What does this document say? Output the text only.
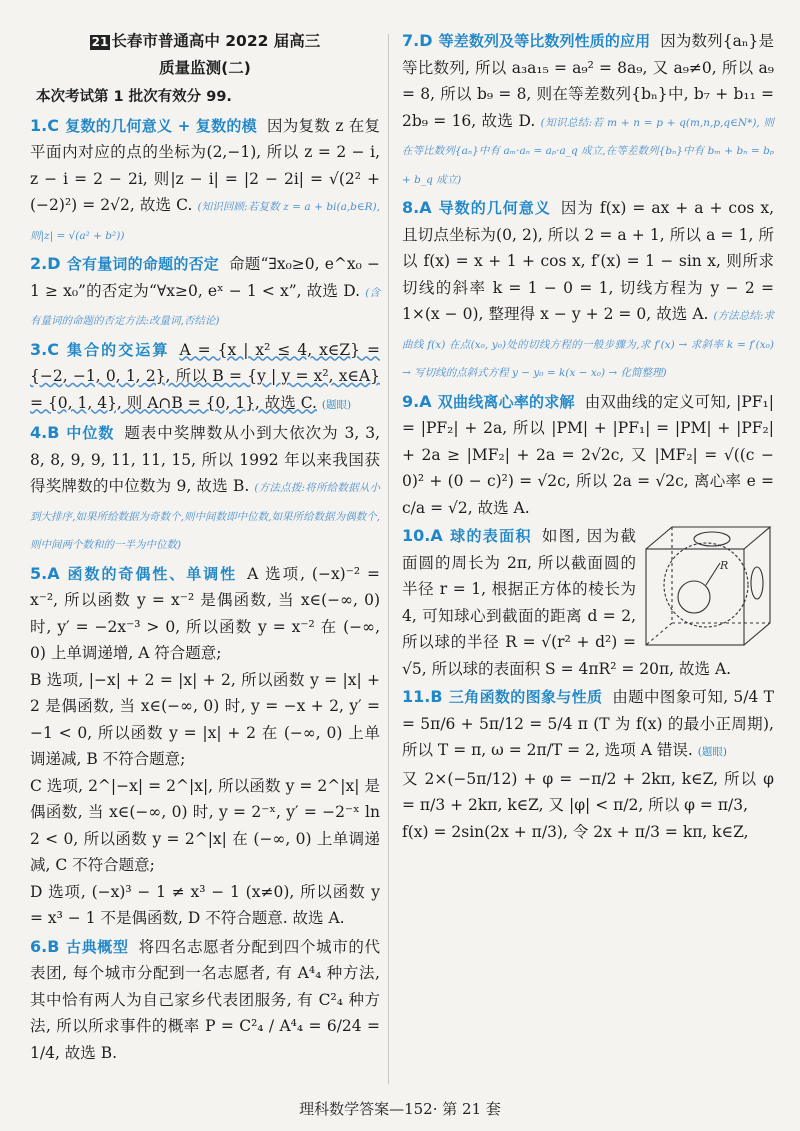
21 长春市普通高中 2022 届高三
质量监测(二)
本次考试第 1 批次有效分 99.
1.C 复数的几何意义 + 复数的模 因为复数 z 在复平面内对应的点的坐标为(2,−1), 所以 z = 2 − i, z − i = 2 − 2i, 则|z − i| = |2 − 2i| = √(2² + (−2)²) = 2√2, 故选 C. (知识回顾:若复数 z = a + bi(a,b∈R), 则|z| = √(a² + b²))
2.D 含有量词的命题的否定 命题“∃x₀≥0, e^x₀ − 1 ≥ x₀”的否定为“∀x≥0, eˣ − 1 < x”, 故选 D. (含有量词的命题的否定方法:改量词,否结论)
3.C 集合的交运算 A = {x | x² ≤ 4, x∈Z} = {−2, −1, 0, 1, 2}, 所以 B = {y | y = x², x∈A} = {0, 1, 4}, 则 A∩B = {0, 1}, 故选 C. (题眼)
4.B 中位数 题表中奖牌数从小到大依次为 3, 3, 8, 8, 9, 9, 11, 11, 15, 所以 1992 年以来我国获得奖牌数的中位数为 9, 故选 B. (方法点拨:将所给数据从小到大排序,如果所给数据为奇数个,则中间数即中位数,如果所给数据为偶数个,则中间两个数和的一半为中位数)
5.A 函数的奇偶性、单调性 A 选项, (−x)⁻² = x⁻², 所以函数 y = x⁻² 是偶函数, 当 x∈(−∞, 0) 时, y′ = −2x⁻³ > 0, 所以函数 y = x⁻² 在 (−∞, 0) 上单调递增, A 符合题意;
B 选项, |−x| + 2 = |x| + 2, 所以函数 y = |x| + 2 是偶函数, 当 x∈(−∞, 0) 时, y = −x + 2, y′ = −1 < 0, 所以函数 y = |x| + 2 在 (−∞, 0) 上单调递减, B 不符合题意;
C 选项, 2^|−x| = 2^|x|, 所以函数 y = 2^|x| 是偶函数, 当 x∈(−∞, 0) 时, y = 2⁻ˣ, y′ = −2⁻ˣ ln 2 < 0, 所以函数 y = 2^|x| 在 (−∞, 0) 上单调递减, C 不符合题意;
D 选项, (−x)³ − 1 ≠ x³ − 1 (x≠0), 所以函数 y = x³ − 1 不是偶函数, D 不符合题意. 故选 A.
6.B 古典概型 将四名志愿者分配到四个城市的代表团, 每个城市分配到一名志愿者, 有 A⁴₄ 种方法, 其中恰有两人为自己家乡代表团服务, 有 C²₄ 种方法, 所以所求事件的概率 P = C²₄ / A⁴₄ = 6/24 = 1/4, 故选 B.
7.D 等差数列及等比数列性质的应用 因为数列{aₙ}是等比数列, 所以 a₃a₁₅ = a₉² = 8a₉, 又 a₉≠0, 所以 a₉ = 8, 所以 b₉ = 8, 则在等差数列{bₙ}中, b₇ + b₁₁ = 2b₉ = 16, 故选 D. (知识总结:若 m + n = p + q(m,n,p,q∈N*), 则在等比数列{aₙ}中有 aₘ·aₙ = aₚ·a_q 成立,在等差数列{bₙ}中有 bₘ + bₙ = bₚ + b_q 成立)
8.A 导数的几何意义 因为 f(x) = ax + a + cos x, 且切点坐标为(0, 2), 所以 2 = a + 1, 所以 a = 1, 所以 f(x) = x + 1 + cos x, f′(x) = 1 − sin x, 则所求切线的斜率 k = 1 − 0 = 1, 切线方程为 y − 2 = 1×(x − 0), 整理得 x − y + 2 = 0, 故选 A. (方法总结:求曲线 f(x) 在点(x₀, y₀)处的切线方程的一般步骤为,求 f′(x) → 求斜率 k = f′(x₀) → 写切线的点斜式方程 y − y₀ = k(x − x₀) → 化简整理)
9.A 双曲线离心率的求解 由双曲线的定义可知, |PF₁| = |PF₂| + 2a, 所以 |PM| + |PF₁| = |PM| + |PF₂| + 2a ≥ |MF₂| + 2a = 2√2c, 又 |MF₂| = √((c − 0)² + (0 − c)²) = √2c, 所以 2a = √2c, 离心率 e = c/a = √2, 故选 A.
R
10.A 球的表面积 如图, 因为截面圆的周长为 2π, 所以截面圆的半径 r = 1, 根据正方体的棱长为 4, 可知球心到截面的距离 d = 2, 所以球的半径 R = √(r² + d²) = √5, 所以球的表面积 S = 4πR² = 20π, 故选 A.
11.B 三角函数的图象与性质 由题中图象可知, 5/4 T = 5π/6 + 5π/12 = 5/4 π (T 为 f(x) 的最小正周期), 所以 T = π, ω = 2π/T = 2, 选项 A 错误. (题眼)
又 2×(−5π/12) + φ = −π/2 + 2kπ, k∈Z, 所以 φ = π/3 + 2kπ, k∈Z, 又 |φ| < π/2, 所以 φ = π/3,
f(x) = 2sin(2x + π/3), 令 2x + π/3 = kπ, k∈Z,
理科数学答案—152· 第 21 套
